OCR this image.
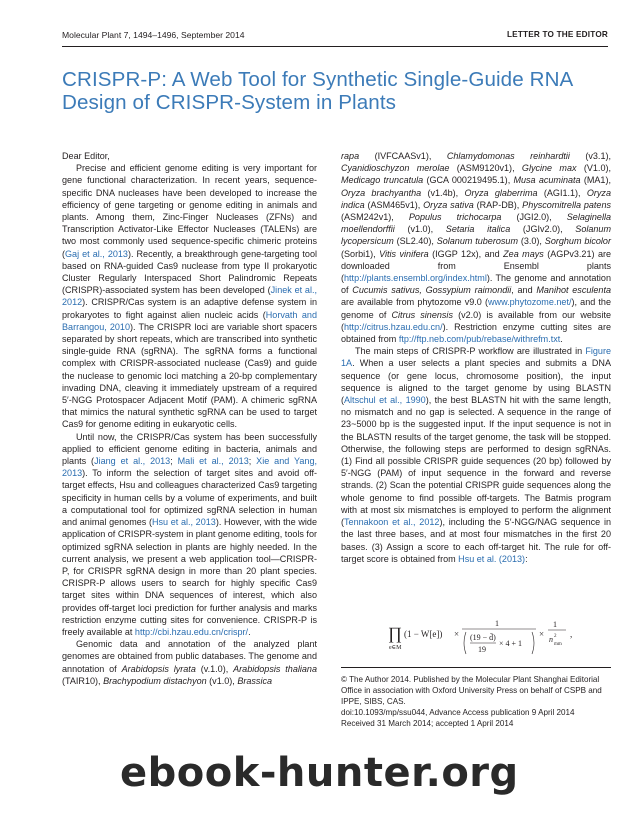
Molecular Plant 7, 1494–1496, September 2014	LETTER TO THE EDITOR
CRISPR-P: A Web Tool for Synthetic Single-Guide RNA Design of CRISPR-System in Plants

Dear Editor,

Precise and efficient genome editing is very important for gene functional characterization. In recent years, sequence-specific DNA nucleases have been developed to increase the efficiency of gene targeting or genome editing in animals and plants. Among them, Zinc-Finger Nucleases (ZFNs) and Transcription Activator-Like Effector Nucleases (TALENs) are two most commonly used sequence-specific chimeric proteins (Gaj et al., 2013). Recently, a breakthrough gene-targeting tool based on RNA-guided Cas9 nuclease from type II prokaryotic Cluster Regularly Interspaced Short Palindromic Repeats (CRISPR)-associated system has been developed (Jinek et al., 2012). CRISPR/Cas system is an adaptive defense system in prokaryotes to fight against alien nucleic acids (Horvath and Barrangou, 2010). The CRISPR loci are variable short spacers separated by short repeats, which are transcribed into synthetic single-guide RNA (sgRNA). The sgRNA forms a functional complex with CRISPR-associated nuclease (Cas9) and guide the nuclease to genomic loci matching a 20-bp complementary invading DNA, cleaving it immediately upstream of a required 5′-NGG Protospacer Adjacent Motif (PAM). A chimeric sgRNA that mimics the natural synthetic sgRNA can be used to target Cas9 for genome editing in eukaryotic cells.

Until now, the CRISPR/Cas system has been successfully applied to efficient genome editing in bacteria, animals and plants (Jiang et al., 2013; Mali et al., 2013; Xie and Yang, 2013). To inform the selection of target sites and avoid off-target effects, Hsu and colleagues characterized Cas9 targeting specificity in human cells by a volume of experiments, and built a computational tool for optimized sgRNA selection in human and animal genomes (Hsu et al., 2013). However, with the wide application of CRISPR-system in plant genome editing, tools for optimized sgRNA selection in plants are highly needed. In the current analysis, we present a web application tool—CRISPR-P, for CRISPR sgRNA design in more than 20 plant species. CRISPR-P allows users to search for highly specific Cas9 target sites within DNA sequences of interest, which also provides off-target loci prediction for further analysis and marks restriction enzyme cutting sites for convenience. CRISPR-P is freely available at http://cbi.hzau.edu.cn/crispr/.

Genomic data and annotation of the analyzed plant genomes are obtained from public databases. The genome and annotation of Arabidopsis lyrata (v.1.0), Arabidopsis thaliana (TAIR10), Brachypodium distachyon (v1.0), Brassica

rapa (IVFCAASv1), Chlamydomonas reinhardtii (v3.1), Cyanidioschyzon merolae (ASM9120v1), Glycine max (V1.0), Medicago truncatula (GCA 000219495.1), Musa acuminata (MA1), Oryza brachyantha (v1.4b), Oryza glaberrima (AGI1.1), Oryza indica (ASM465v1), Oryza sativa (RAP-DB), Physcomitrella patens (ASM242v1), Populus trichocarpa (JGI2.0), Selaginella moellendorffii (v1.0), Setaria italica (JGIv2.0), Solanum lycopersicum (SL2.40), Solanum tuberosum (3.0), Sorghum bicolor (Sorbi1), Vitis vinifera (IGGP 12x), and Zea mays (AGPv3.21) are downloaded from Ensembl plants (http://plants.ensembl.org/index.html). The genome and annotation of Cucumis sativus, Gossypium raimondii, and Manihot esculenta are available from phytozome v9.0 (www.phytozome.net/), and the genome of Citrus sinensis (v2.0) is available from our website (http://citrus.hzau.edu.cn/). Restriction enzyme cutting sites are obtained from ftp://ftp.neb.com/pub/rebase/withrefm.txt.

The main steps of CRISPR-P workflow are illustrated in Figure 1A. When a user selects a plant species and submits a DNA sequence (or gene locus, chromosome position), the input sequence is aligned to the target genome by using BLASTN (Altschul et al., 1990), the best BLASTN hit with the same length, no mismatch and no gap is selected. A sequence in the range of 23~5000 bp is the suggested input. If the input sequence is not in the BLASTN results of the target genome, the task will be stopped. Otherwise, the following steps are performed to design sgRNAs. (1) Find all possible CRISPR guide sequences (20 bp) followed by 5′-NGG (PAM) of input sequence in the forward and reverse strands. (2) Scan the potential CRISPR guide sequences along the whole genome to find possible off-targets. The Batmis program with at most six mismatches is employed to perform the alignment (Tennakoon et al., 2012), including the 5′-NGG/NAG sequence in the last three bases, and at most four mismatches in the first 20 bases. (3) Assign a score to each off-target hit. The rule for off-target score is obtained from Hsu et al. (2013):

∏
e∈M
(1 − W[e]) ×
1
(19 − d̄)
19
× 4 + 1
×
1
n 2
mm
,
© The Author 2014. Published by the Molecular Plant Shanghai Editorial Office in association with Oxford University Press on behalf of CSPB and IPPE, SIBS, CAS.
doi:10.1093/mp/ssu044, Advance Access publication 9 April 2014
Received 31 March 2014; accepted 1 April 2014
ebook-hunter.org
